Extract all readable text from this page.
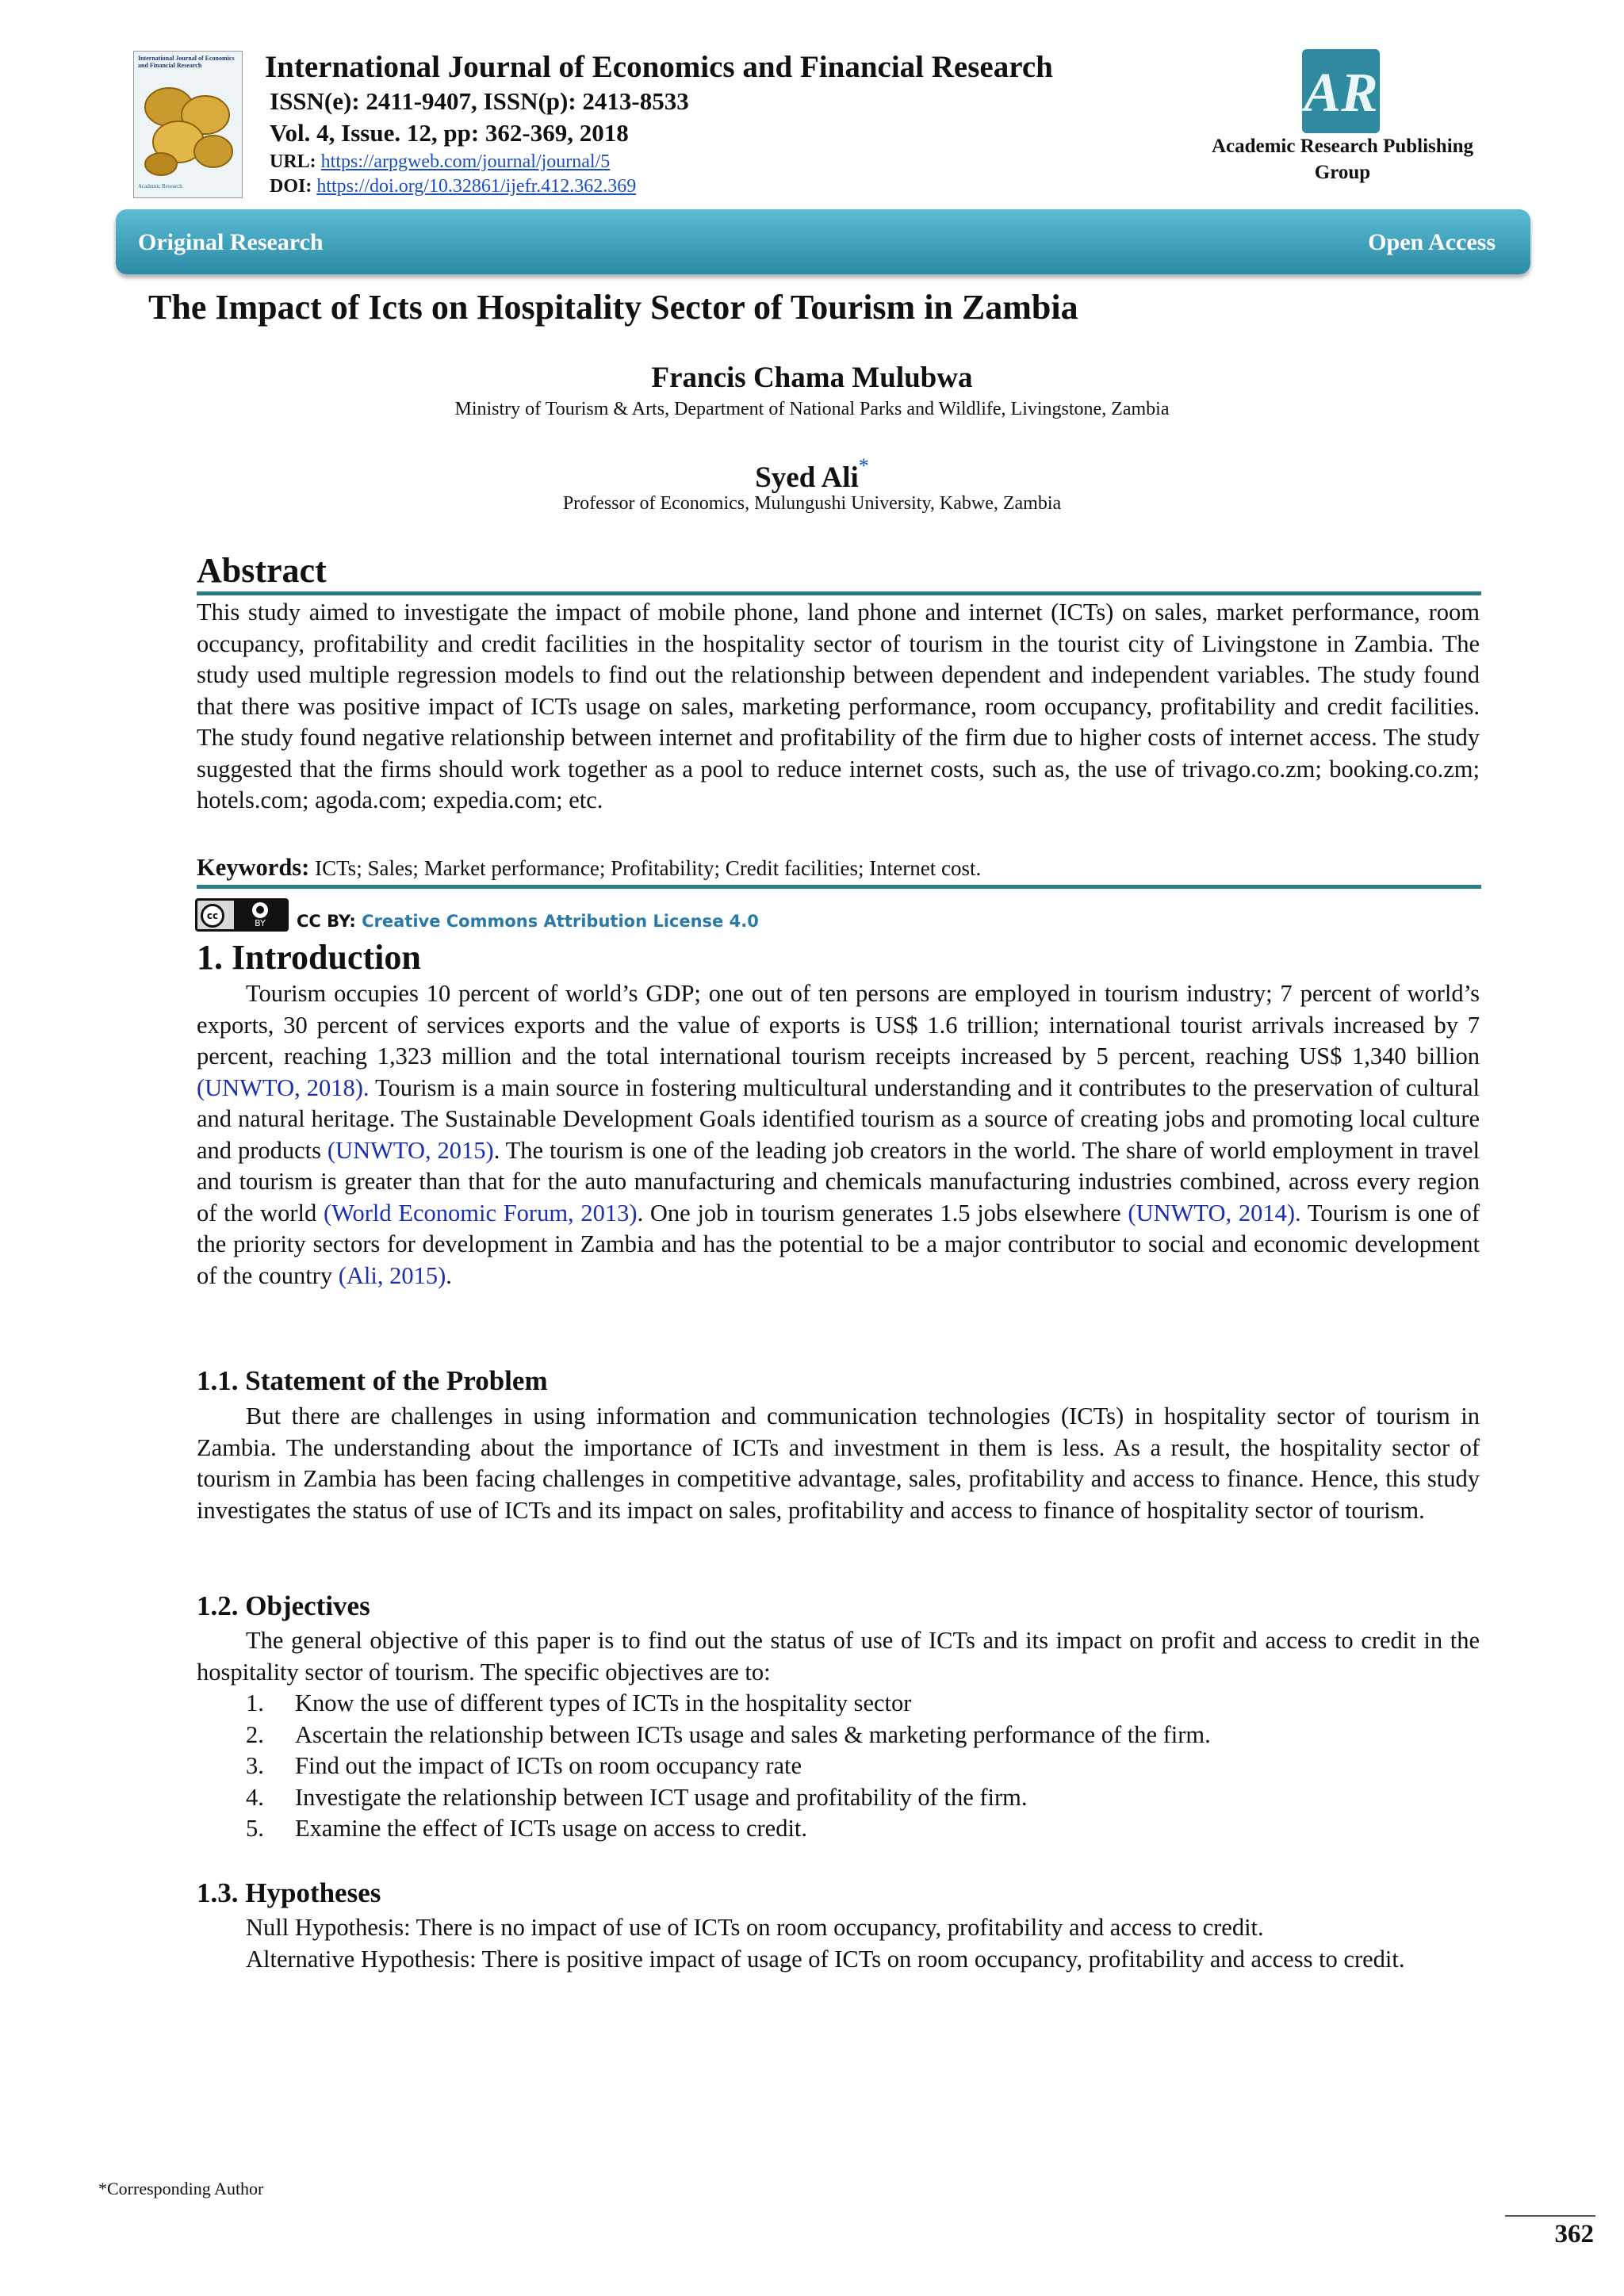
International Journal of Economics and Financial Research
Academic Research
International Journal of Economics and Financial Research
ISSN(e): 2411-9407, ISSN(p): 2413-8533
Vol. 4, Issue. 12, pp: 362-369, 2018
URL: https://arpgweb.com/journal/journal/5
DOI: https://doi.org/10.32861/ijefr.412.362.369
AR
Academic Research Publishing Group
Original Research	Open Access
The Impact of Icts on Hospitality Sector of Tourism in Zambia
Francis Chama Mulubwa
Ministry of Tourism & Arts, Department of National Parks and Wildlife, Livingstone, Zambia
Syed Ali*
Professor of Economics, Mulungushi University, Kabwe, Zambia
Abstract
This study aimed to investigate the impact of mobile phone, land phone and internet (ICTs) on sales, market performance, room occupancy, profitability and credit facilities in the hospitality sector of tourism in the tourist city of Livingstone in Zambia. The study used multiple regression models to find out the relationship between dependent and independent variables. The study found that there was positive impact of ICTs usage on sales, marketing performance, room occupancy, profitability and credit facilities. The study found negative relationship between internet and profitability of the firm due to higher costs of internet access. The study suggested that the firms should work together as a pool to reduce internet costs, such as, the use of trivago.co.zm; booking.co.zm; hotels.com; agoda.com; expedia.com; etc.
Keywords: ICTs; Sales; Market performance; Profitability; Credit facilities; Internet cost.
cc	●
BY	CC BY: Creative Commons Attribution License 4.0
1. Introduction
Tourism occupies 10 percent of world’s GDP; one out of ten persons are employed in tourism industry; 7 percent of world’s exports, 30 percent of services exports and the value of exports is US$ 1.6 trillion; international tourist arrivals increased by 7 percent, reaching 1,323 million and the total international tourism receipts increased by 5 percent, reaching US$ 1,340 billion (UNWTO, 2018). Tourism is a main source in fostering multicultural understanding and it contributes to the preservation of cultural and natural heritage. The Sustainable Development Goals identified tourism as a source of creating jobs and promoting local culture and products (UNWTO, 2015). The tourism is one of the leading job creators in the world. The share of world employment in travel and tourism is greater than that for the auto manufacturing and chemicals manufacturing industries combined, across every region of the world (World Economic Forum, 2013). One job in tourism generates 1.5 jobs elsewhere (UNWTO, 2014). Tourism is one of the priority sectors for development in Zambia and has the potential to be a major contributor to social and economic development of the country (Ali, 2015).
1.1. Statement of the Problem
But there are challenges in using information and communication technologies (ICTs) in hospitality sector of tourism in Zambia. The understanding about the importance of ICTs and investment in them is less. As a result, the hospitality sector of tourism in Zambia has been facing challenges in competitive advantage, sales, profitability and access to finance. Hence, this study investigates the status of use of ICTs and its impact on sales, profitability and access to finance of hospitality sector of tourism.
1.2. Objectives
The general objective of this paper is to find out the status of use of ICTs and its impact on profit and access to credit in the hospitality sector of tourism. The specific objectives are to:
1. Know the use of different types of ICTs in the hospitality sector
2. Ascertain the relationship between ICTs usage and sales & marketing performance of the firm.
3. Find out the impact of ICTs on room occupancy rate
4. Investigate the relationship between ICT usage and profitability of the firm.
5. Examine the effect of ICTs usage on access to credit.
1.3. Hypotheses
Null Hypothesis: There is no impact of use of ICTs on room occupancy, profitability and access to credit.
Alternative Hypothesis: There is positive impact of usage of ICTs on room occupancy, profitability and access to credit.
*Corresponding Author
362
